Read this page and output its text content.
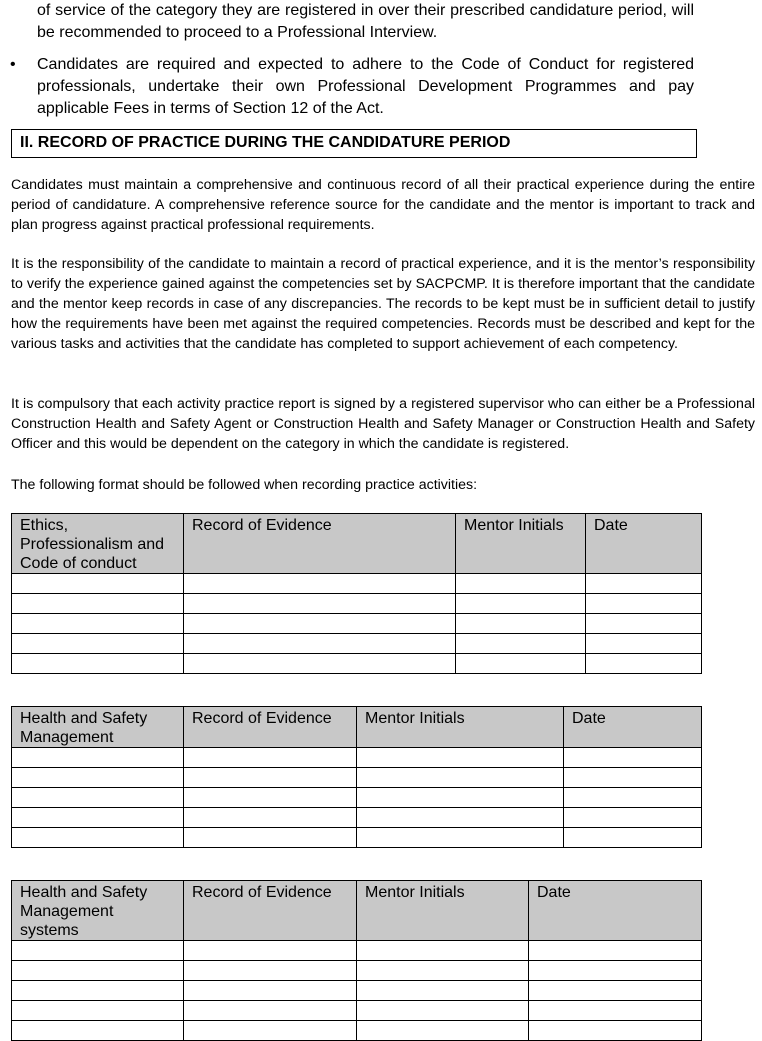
of service of the category they are registered in over their prescribed candidature period, will be recommended to proceed to a Professional Interview.

• Candidates are required and expected to adhere to the Code of Conduct for registered professionals, undertake their own Professional Development Programmes and pay applicable Fees in terms of Section 12 of the Act.

II. RECORD OF PRACTICE DURING THE CANDIDATURE PERIOD

Candidates must maintain a comprehensive and continuous record of all their practical experience during the entire period of candidature. A comprehensive reference source for the candidate and the mentor is important to track and plan progress against practical professional requirements.

It is the responsibility of the candidate to maintain a record of practical experience, and it is the mentor’s responsibility to verify the experience gained against the competencies set by SACPCMP. It is therefore important that the candidate and the mentor keep records in case of any discrepancies. The records to be kept must be in sufficient detail to justify how the requirements have been met against the required competencies. Records must be described and kept for the various tasks and activities that the candidate has completed to support achievement of each competency.

It is compulsory that each activity practice report is signed by a registered supervisor who can either be a Professional Construction Health and Safety Agent or Construction Health and Safety Manager or Construction Health and Safety Officer and this would be dependent on the category in which the candidate is registered.

The following format should be followed when recording practice activities:

Ethics, Professionalism and Code of conduct	Record of Evidence	Mentor Initials	Date

Health and Safety Management	Record of Evidence	Mentor Initials	Date

Health and Safety Management systems	Record of Evidence	Mentor Initials	Date
